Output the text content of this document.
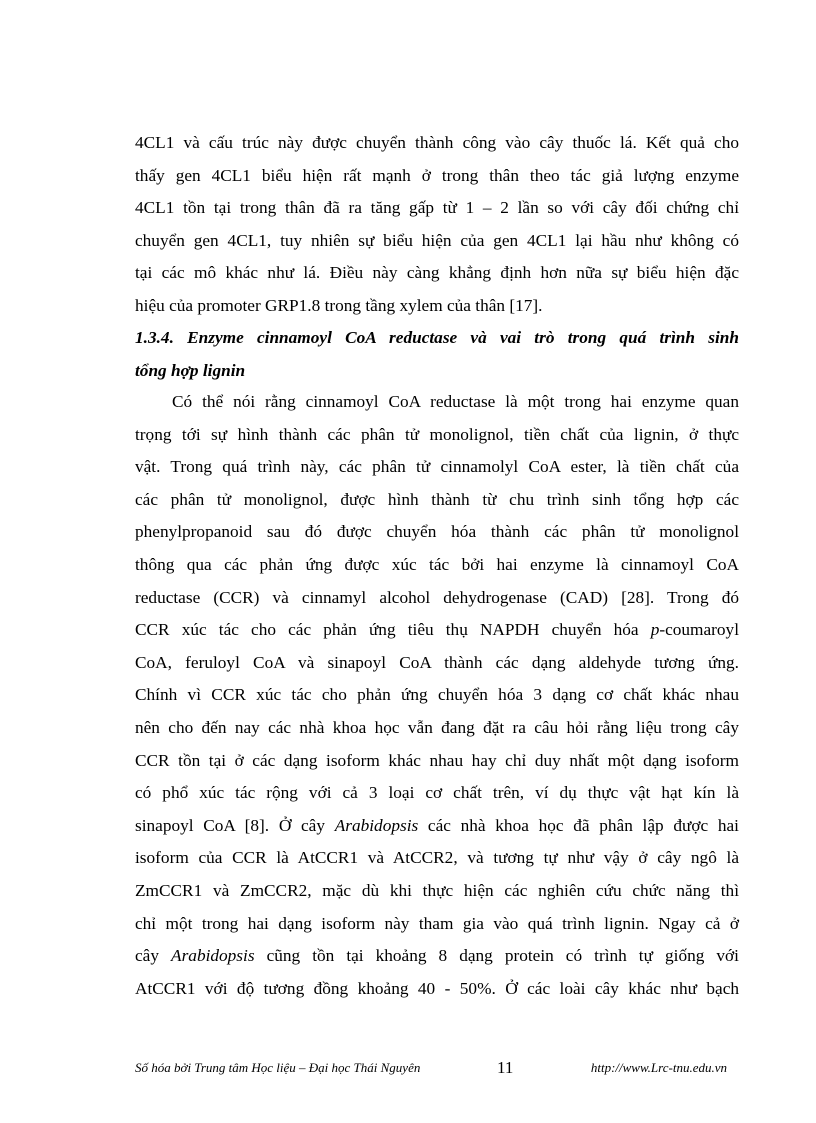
4CL1 và cấu trúc này được chuyển thành công vào cây thuốc lá. Kết quả cho
thấy gen 4CL1 biểu hiện rất mạnh ở trong thân theo tác giả lượng enzyme
4CL1 tồn tại trong thân đã ra tăng gấp từ 1 – 2 lần so với cây đối chứng chỉ
chuyển gen 4CL1, tuy nhiên sự biểu hiện của gen 4CL1 lại hầu như không có
tại các mô khác như lá. Điều này càng khẳng định hơn nữa sự biểu hiện đặc
hiệu của promoter GRP1.8 trong tầng xylem của thân [17].
1.3.4. Enzyme cinnamoyl CoA reductase và vai trò trong quá trình sinh
tổng hợp lignin
Có thể nói rằng cinnamoyl CoA reductase là một trong hai enzyme quan
trọng tới sự hình thành các phân tử monolignol, tiền chất của lignin, ở thực
vật. Trong quá trình này, các phân tử cinnamolyl CoA ester, là tiền chất của
các phân tử monolignol, được hình thành từ chu trình sinh tổng hợp các
phenylpropanoid sau đó được chuyển hóa thành các phân tử monolignol
thông qua các phản ứng được xúc tác bởi hai enzyme là cinnamoyl CoA
reductase (CCR) và cinnamyl alcohol dehydrogenase (CAD) [28]. Trong đó
CCR xúc tác cho các phản ứng tiêu thụ NAPDH chuyển hóa p-coumaroyl
CoA, feruloyl CoA và sinapoyl CoA thành các dạng aldehyde tương ứng.
Chính vì CCR xúc tác cho phản ứng chuyển hóa 3 dạng cơ chất khác nhau
nên cho đến nay các nhà khoa học vẫn đang đặt ra câu hỏi rằng liệu trong cây
CCR tồn tại ở các dạng isoform khác nhau hay chỉ duy nhất một dạng isoform
có phổ xúc tác rộng với cả 3 loại cơ chất trên, ví dụ thực vật hạt kín là
sinapoyl CoA [8]. Ở cây Arabidopsis các nhà khoa học đã phân lập được hai
isoform của CCR là AtCCR1 và AtCCR2, và tương tự như vậy ở cây ngô là
ZmCCR1 và ZmCCR2, mặc dù khi thực hiện các nghiên cứu chức năng thì
chỉ một trong hai dạng isoform này tham gia vào quá trình lignin. Ngay cả ở
cây Arabidopsis cũng tồn tại khoảng 8 dạng protein có trình tự giống với
AtCCR1 với độ tương đồng khoảng 40 - 50%. Ở các loài cây khác như bạch
Số hóa bởi Trung tâm Học liệu – Đại học Thái Nguyên	11	http://www.Lrc-tnu.edu.vn
